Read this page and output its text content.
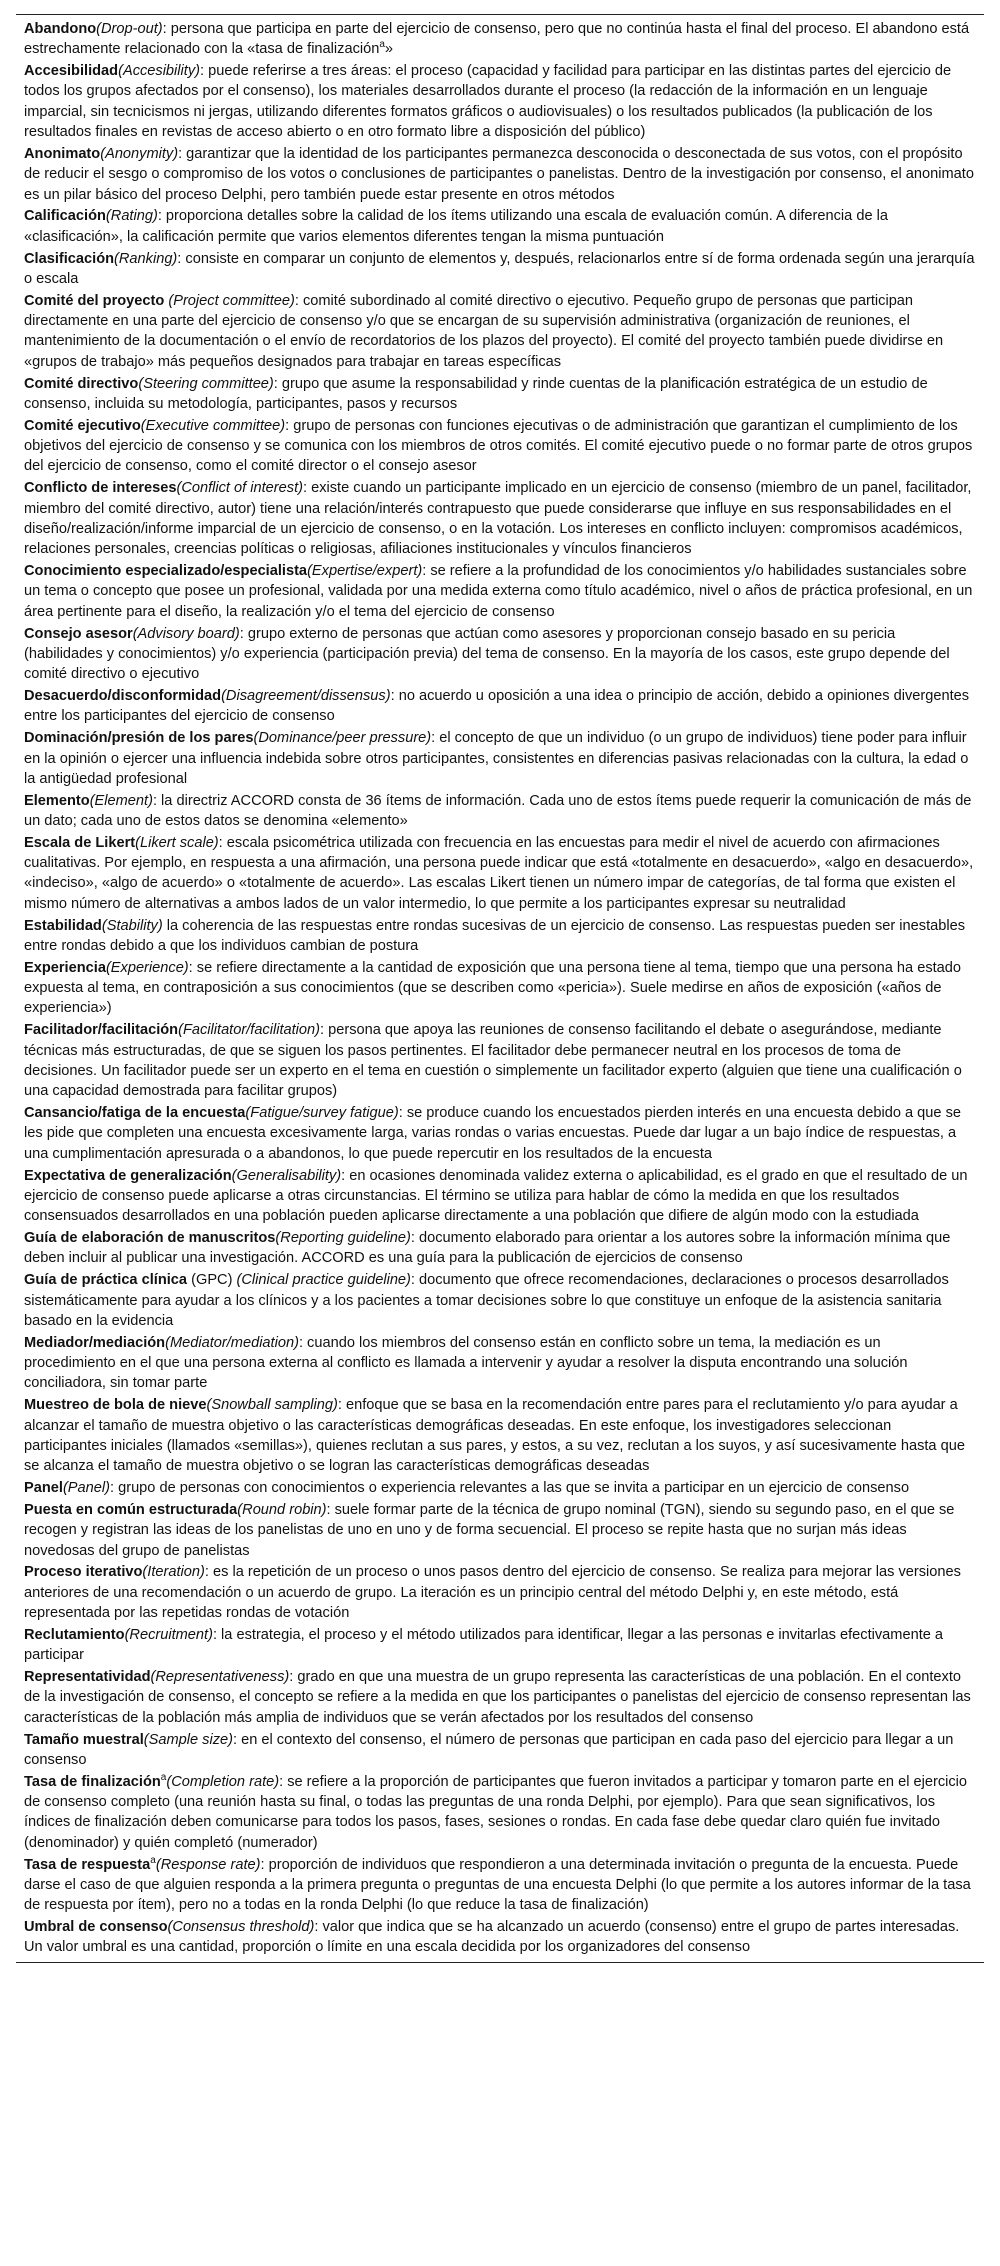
Abandono(Drop-out): persona que participa en parte del ejercicio de consenso, pero que no continúa hasta el final del proceso. El abandono está estrechamente relacionado con la «tasa de finalización$^a$»
Accesibilidad(Accesibility): puede referirse a tres áreas: el proceso (capacidad y facilidad para participar en las distintas partes del ejercicio de todos los grupos afectados por el consenso), los materiales desarrollados durante el proceso (la redacción de la información en un lenguaje imparcial, sin tecnicismos ni jergas, utilizando diferentes formatos gráficos o audiovisuales) o los resultados publicados (la publicación de los resultados finales en revistas de acceso abierto o en otro formato libre a disposición del público)
Anonimato(Anonymity): garantizar que la identidad de los participantes permanezca desconocida o desconectada de sus votos, con el propósito de reducir el sesgo o compromiso de los votos o conclusiones de participantes o panelistas. Dentro de la investigación por consenso, el anonimato es un pilar básico del proceso Delphi, pero también puede estar presente en otros métodos
Calificación(Rating): proporciona detalles sobre la calidad de los ítems utilizando una escala de evaluación común. A diferencia de la «clasificación», la calificación permite que varios elementos diferentes tengan la misma puntuación
Clasificación(Ranking): consiste en comparar un conjunto de elementos y, después, relacionarlos entre sí de forma ordenada según una jerarquía o escala
Comité del proyecto (Project committee): comité subordinado al comité directivo o ejecutivo. Pequeño grupo de personas que participan directamente en una parte del ejercicio de consenso y/o que se encargan de su supervisión administrativa (organización de reuniones, el mantenimiento de la documentación o el envío de recordatorios de los plazos del proyecto). El comité del proyecto también puede dividirse en «grupos de trabajo» más pequeños designados para trabajar en tareas específicas
Comité directivo(Steering committee): grupo que asume la responsabilidad y rinde cuentas de la planificación estratégica de un estudio de consenso, incluida su metodología, participantes, pasos y recursos
Comité ejecutivo(Executive committee): grupo de personas con funciones ejecutivas o de administración que garantizan el cumplimiento de los objetivos del ejercicio de consenso y se comunica con los miembros de otros comités. El comité ejecutivo puede o no formar parte de otros grupos del ejercicio de consenso, como el comité director o el consejo asesor
Conflicto de intereses(Conflict of interest): existe cuando un participante implicado en un ejercicio de consenso (miembro de un panel, facilitador, miembro del comité directivo, autor) tiene una relación/interés contrapuesto que puede considerarse que influye en sus responsabilidades en el diseño/realización/informe imparcial de un ejercicio de consenso, o en la votación. Los intereses en conflicto incluyen: compromisos académicos, relaciones personales, creencias políticas o religiosas, afiliaciones institucionales y vínculos financieros
Conocimiento especializado/especialista(Expertise/expert): se refiere a la profundidad de los conocimientos y/o habilidades sustanciales sobre un tema o concepto que posee un profesional, validada por una medida externa como título académico, nivel o años de práctica profesional, en un área pertinente para el diseño, la realización y/o el tema del ejercicio de consenso
Consejo asesor(Advisory board): grupo externo de personas que actúan como asesores y proporcionan consejo basado en su pericia (habilidades y conocimientos) y/o experiencia (participación previa) del tema de consenso. En la mayoría de los casos, este grupo depende del comité directivo o ejecutivo
Desacuerdo/disconformidad(Disagreement/dissensus): no acuerdo u oposición a una idea o principio de acción, debido a opiniones divergentes entre los participantes del ejercicio de consenso
Dominación/presión de los pares(Dominance/peer pressure): el concepto de que un individuo (o un grupo de individuos) tiene poder para influir en la opinión o ejercer una influencia indebida sobre otros participantes, consistentes en diferencias pasivas relacionadas con la cultura, la edad o la antigüedad profesional
Elemento(Element): la directriz ACCORD consta de 36 ítems de información. Cada uno de estos ítems puede requerir la comunicación de más de un dato; cada uno de estos datos se denomina «elemento»
Escala de Likert(Likert scale): escala psicométrica utilizada con frecuencia en las encuestas para medir el nivel de acuerdo con afirmaciones cualitativas. Por ejemplo, en respuesta a una afirmación, una persona puede indicar que está «totalmente en desacuerdo», «algo en desacuerdo», «indeciso», «algo de acuerdo» o «totalmente de acuerdo». Las escalas Likert tienen un número impar de categorías, de tal forma que existen el mismo número de alternativas a ambos lados de un valor intermedio, lo que permite a los participantes expresar su neutralidad
Estabilidad(Stability) la coherencia de las respuestas entre rondas sucesivas de un ejercicio de consenso. Las respuestas pueden ser inestables entre rondas debido a que los individuos cambian de postura
Experiencia(Experience): se refiere directamente a la cantidad de exposición que una persona tiene al tema, tiempo que una persona ha estado expuesta al tema, en contraposición a sus conocimientos (que se describen como «pericia»). Suele medirse en años de exposición («años de experiencia»)
Facilitador/facilitación(Facilitator/facilitation): persona que apoya las reuniones de consenso facilitando el debate o asegurándose, mediante técnicas más estructuradas, de que se siguen los pasos pertinentes. El facilitador debe permanecer neutral en los procesos de toma de decisiones. Un facilitador puede ser un experto en el tema en cuestión o simplemente un facilitador experto (alguien que tiene una cualificación o una capacidad demostrada para facilitar grupos)
Cansancio/fatiga de la encuesta(Fatigue/survey fatigue): se produce cuando los encuestados pierden interés en una encuesta debido a que se les pide que completen una encuesta excesivamente larga, varias rondas o varias encuestas. Puede dar lugar a un bajo índice de respuestas, a una cumplimentación apresurada o a abandonos, lo que puede repercutir en los resultados de la encuesta
Expectativa de generalización(Generalisability): en ocasiones denominada validez externa o aplicabilidad, es el grado en que el resultado de un ejercicio de consenso puede aplicarse a otras circunstancias. El término se utiliza para hablar de cómo la medida en que los resultados consensuados desarrollados en una población pueden aplicarse directamente a una población que difiere de algún modo con la estudiada
Guía de elaboración de manuscritos(Reporting guideline): documento elaborado para orientar a los autores sobre la información mínima que deben incluir al publicar una investigación. ACCORD es una guía para la publicación de ejercicios de consenso
Guía de práctica clínica (GPC) (Clinical practice guideline): documento que ofrece recomendaciones, declaraciones o procesos desarrollados sistemáticamente para ayudar a los clínicos y a los pacientes a tomar decisiones sobre lo que constituye un enfoque de la asistencia sanitaria basado en la evidencia
Mediador/mediación(Mediator/mediation): cuando los miembros del consenso están en conflicto sobre un tema, la mediación es un procedimiento en el que una persona externa al conflicto es llamada a intervenir y ayudar a resolver la disputa encontrando una solución conciliadora, sin tomar parte
Muestreo de bola de nieve(Snowball sampling): enfoque que se basa en la recomendación entre pares para el reclutamiento y/o para ayudar a alcanzar el tamaño de muestra objetivo o las características demográficas deseadas. En este enfoque, los investigadores seleccionan participantes iniciales (llamados «semillas»), quienes reclutan a sus pares, y estos, a su vez, reclutan a los suyos, y así sucesivamente hasta que se alcanza el tamaño de muestra objetivo o se logran las características demográficas deseadas
Panel(Panel): grupo de personas con conocimientos o experiencia relevantes a las que se invita a participar en un ejercicio de consenso
Puesta en común estructurada(Round robin): suele formar parte de la técnica de grupo nominal (TGN), siendo su segundo paso, en el que se recogen y registran las ideas de los panelistas de uno en uno y de forma secuencial. El proceso se repite hasta que no surjan más ideas novedosas del grupo de panelistas
Proceso iterativo(Iteration): es la repetición de un proceso o unos pasos dentro del ejercicio de consenso. Se realiza para mejorar las versiones anteriores de una recomendación o un acuerdo de grupo. La iteración es un principio central del método Delphi y, en este método, está representada por las repetidas rondas de votación
Reclutamiento(Recruitment): la estrategia, el proceso y el método utilizados para identificar, llegar a las personas e invitarlas efectivamente a participar
Representatividad(Representativeness): grado en que una muestra de un grupo representa las características de una población. En el contexto de la investigación de consenso, el concepto se refiere a la medida en que los participantes o panelistas del ejercicio de consenso representan las características de la población más amplia de individuos que se verán afectados por los resultados del consenso
Tamaño muestral(Sample size): en el contexto del consenso, el número de personas que participan en cada paso del ejercicio para llegar a un consenso
Tasa de finalización$^a$(Completion rate): se refiere a la proporción de participantes que fueron invitados a participar y tomaron parte en el ejercicio de consenso completo (una reunión hasta su final, o todas las preguntas de una ronda Delphi, por ejemplo). Para que sean significativos, los índices de finalización deben comunicarse para todos los pasos, fases, sesiones o rondas. En cada fase debe quedar claro quién fue invitado (denominador) y quién completó (numerador)
Tasa de respuesta$^a$(Response rate): proporción de individuos que respondieron a una determinada invitación o pregunta de la encuesta. Puede darse el caso de que alguien responda a la primera pregunta o preguntas de una encuesta Delphi (lo que permite a los autores informar de la tasa de respuesta por ítem), pero no a todas en la ronda Delphi (lo que reduce la tasa de finalización)
Umbral de consenso(Consensus threshold): valor que indica que se ha alcanzado un acuerdo (consenso) entre el grupo de partes interesadas. Un valor umbral es una cantidad, proporción o límite en una escala decidida por los organizadores del consenso
